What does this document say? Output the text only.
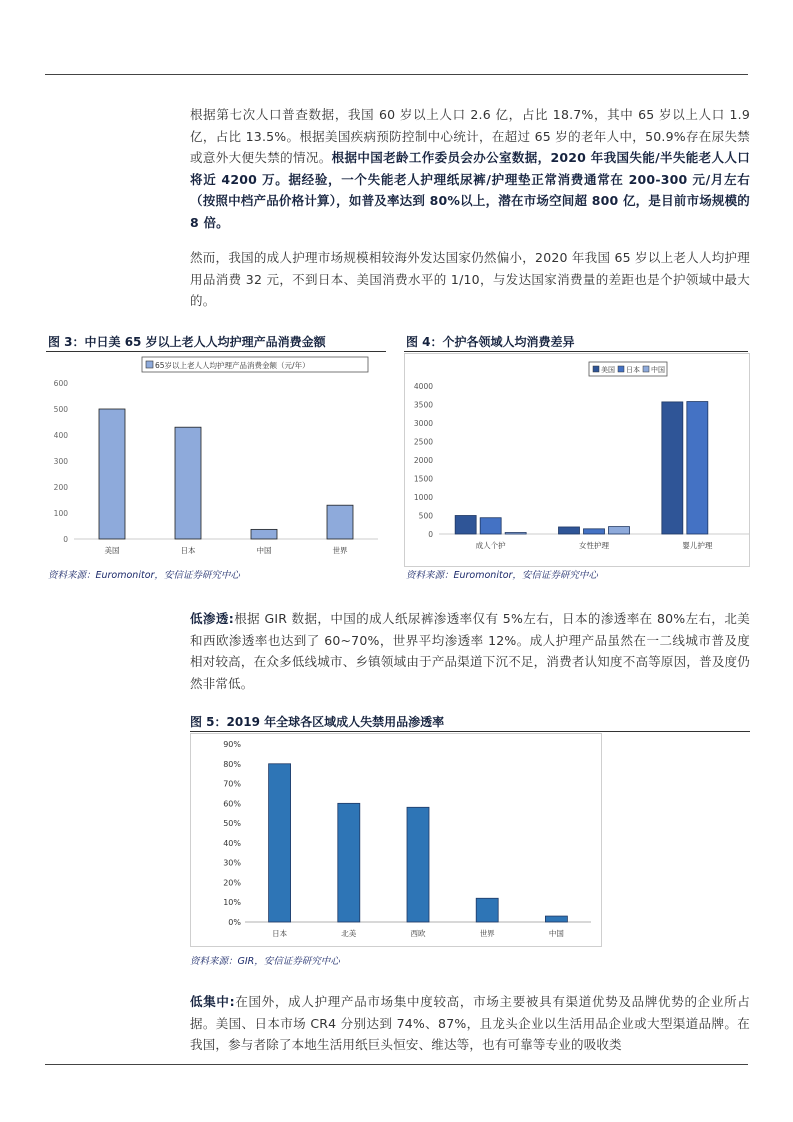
根据第七次人口普查数据，我国 60 岁以上人口 2.6 亿，占比 18.7%，其中 65 岁以上人口 1.9 亿，占比 13.5%。根据美国疾病预防控制中心统计，在超过 65 岁的老年人中，50.9%存在尿失禁或意外大便失禁的情况。根据中国老龄工作委员会办公室数据，2020 年我国失能/半失能老人人口将近 4200 万。据经验，一个失能老人护理纸尿裤/护理垫正常消费通常在 200-300 元/月左右（按照中档产品价格计算），如普及率达到 80%以上，潜在市场空间超 800 亿，是目前市场规模的 8 倍。
然而，我国的成人护理市场规模相较海外发达国家仍然偏小，2020 年我国 65 岁以上老人人均护理用品消费 32 元，不到日本、美国消费水平的 1/10，与发达国家消费量的差距也是个护领域中最大的。
图 3：中日美 65 岁以上老人人均护理产品消费金额
65岁以上老人人均护理产品消费金额（元/年）
0
100
200
300
400
500
600
美国	日本	中国	世界
资料来源：Euromonitor，安信证券研究中心
图 4：个护各领域人均消费差异
美国 日本 中国
0
500
1000
1500
2000
2500
3000
3500
4000
成人个护	女性护理	婴儿护理
资料来源：Euromonitor，安信证券研究中心
低渗透:根据 GIR 数据，中国的成人纸尿裤渗透率仅有 5%左右，日本的渗透率在 80%左右，北美和西欧渗透率也达到了 60~70%，世界平均渗透率 12%。成人护理产品虽然在一二线城市普及度相对较高，在众多低线城市、乡镇领域由于产品渠道下沉不足，消费者认知度不高等原因，普及度仍然非常低。
图 5：2019 年全球各区域成人失禁用品渗透率
0%
10%
20%
30%
40%
50%
60%
70%
80%
90%
日本	北美	西欧	世界	中国
资料来源：GIR，安信证券研究中心
低集中:在国外，成人护理产品市场集中度较高，市场主要被具有渠道优势及品牌优势的企业所占据。美国、日本市场 CR4 分别达到 74%、87%，且龙头企业以生活用品企业或大型渠道品牌。在我国，参与者除了本地生活用纸巨头恒安、维达等，也有可靠等专业的吸收类
